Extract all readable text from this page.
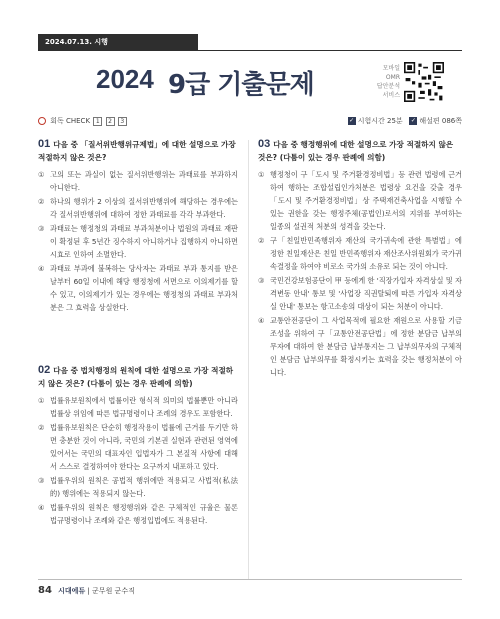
2024.07.13. 시행
2024 9급 기출문제
모바일
OMR
답안분석
서비스
회독 CHECK 1 2 3	✓ 시험시간 25분 ✓ 해설편 086쪽
01 다음 중 「질서위반행위규제법」에 대한 설명으로 가장 적절하지 않은 것은?
① 고의 또는 과실이 없는 질서위반행위는 과태료를 부과하지 아니한다.
② 하나의 행위가 2 이상의 질서위반행위에 해당하는 경우에는 각 질서위반행위에 대하여 정한 과태료를 각각 부과한다.
③ 과태료는 행정청의 과태료 부과처분이나 법원의 과태료 재판이 확정된 후 5년간 징수하지 아니하거나 집행하지 아니하면 시효로 인하여 소멸한다.
④ 과태료 부과에 불복하는 당사자는 과태료 부과 통지를 받은 날부터 60일 이내에 해당 행정청에 서면으로 이의제기를 할 수 있고, 이의제기가 있는 경우에는 행정청의 과태료 부과처분은 그 효력을 상실한다.
02 다음 중 법치행정의 원칙에 대한 설명으로 가장 적절하지 않은 것은? (다툼이 있는 경우 판례에 의함)
① 법률유보원칙에서 법률이란 형식적 의미의 법률뿐만 아니라 법률상 위임에 따른 법규명령이나 조례의 경우도 포함한다.
② 법률유보원칙은 단순히 행정작용이 법률에 근거를 두기만 하면 충분한 것이 아니라, 국민의 기본권 실현과 관련된 영역에 있어서는 국민의 대표자인 입법자가 그 본질적 사항에 대해서 스스로 결정하여야 한다는 요구까지 내포하고 있다.
③ 법률우위의 원칙은 공법적 행위에만 적용되고 사법적(私法的) 행위에는 적용되지 않는다.
④ 법률우위의 원칙은 행정행위와 같은 구체적인 규율은 물론 법규명령이나 조례와 같은 행정입법에도 적용된다.
03 다음 중 행정행위에 대한 설명으로 가장 적절하지 않은 것은? (다툼이 있는 경우 판례에 의함)
① 행정청이 구「도시 및 주거환경정비법」등 관련 법령에 근거하여 행하는 조합설립인가처분은 법령상 요건을 갖출 경우「도시 및 주거환경정비법」상 주택재건축사업을 시행할 수 있는 권한을 갖는 행정주체(공법인)로서의 지위를 부여하는 일종의 설권적 처분의 성격을 갖는다.
② 구「친일반민족행위자 재산의 국가귀속에 관한 특별법」에 정한 친일재산은 친일 반민족행위자 재산조사위원회가 국가귀속결정을 하여야 비로소 국가의 소유로 되는 것이 아니다.
③ 국민건강보험공단이 甲 등에게 한 '직장가입자 자격상실 및 자격변동 안내' 통보 및 '사업장 직권탈퇴에 따른 가입자 자격상실 안내' 통보는 항고소송의 대상이 되는 처분이 아니다.
④ 교통안전공단이 그 사업목적에 필요한 재원으로 사용할 기금 조성을 위하여 구「교통안전공단법」에 정한 분담금 납부의무자에 대하여 한 분담금 납부통지는 그 납부의무자의 구체적인 분담금 납부의무를 확정시키는 효력을 갖는 행정처분이 아니다.
84 시대에듀 | 군무원 군수직
